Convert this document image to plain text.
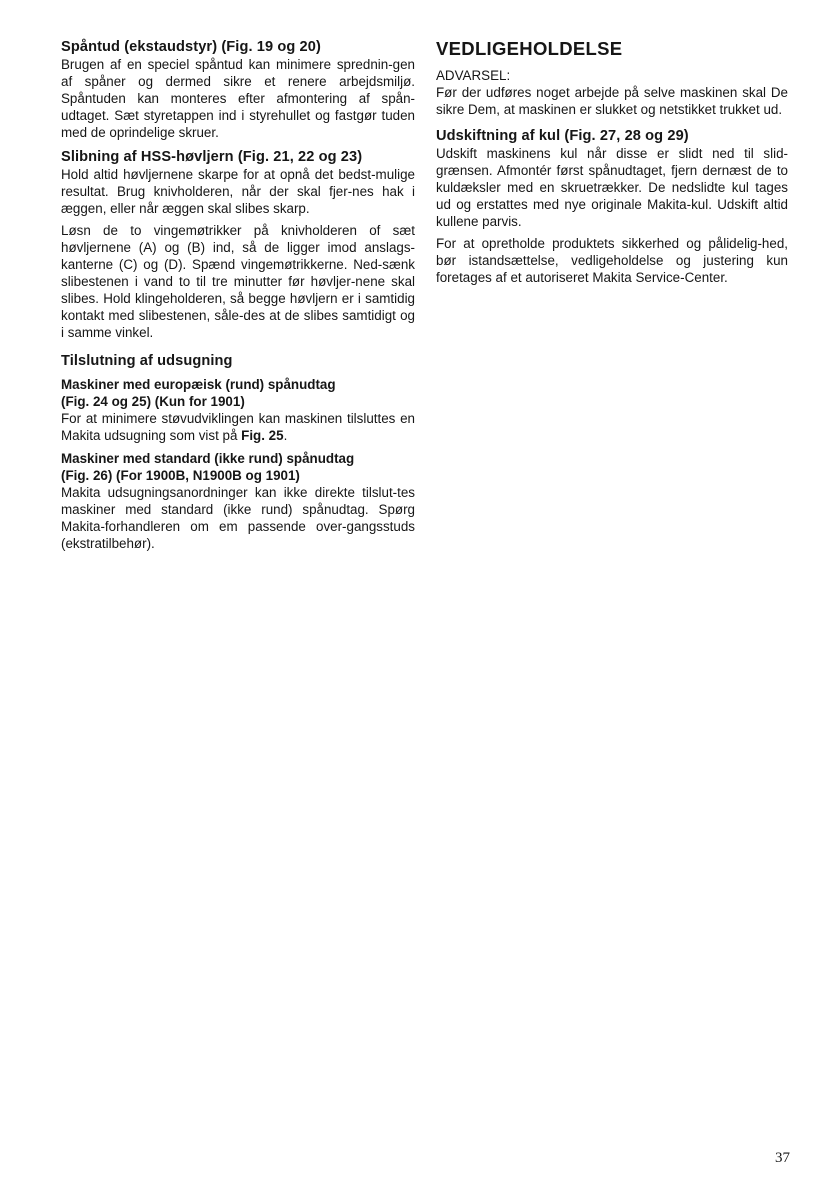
Spåntud (ekstaudstyr) (Fig. 19 og 20)

Brugen af en speciel spåntud kan minimere sprednin-gen af spåner og dermed sikre et renere arbejdsmiljø. Spåntuden kan monteres efter afmontering af spån-udtaget. Sæt styretappen ind i styrehullet og fastgør tuden med de oprindelige skruer.

Slibning af HSS-høvljern (Fig. 21, 22 og 23)

Hold altid høvljernene skarpe for at opnå det bedst-mulige resultat. Brug knivholderen, når der skal fjer-nes hak i æggen, eller når æggen skal slibes skarp.

Løsn de to vingemøtrikker på knivholderen of sæt høvljernene (A) og (B) ind, så de ligger imod anslags-kanterne (C) og (D). Spænd vingemøtrikkerne. Ned-sænk slibestenen i vand to til tre minutter før høvljer-nene skal slibes. Hold klingeholderen, så begge høvljern er i samtidig kontakt med slibestenen, såle-des at de slibes samtidigt og i samme vinkel.

Tilslutning af udsugning
Maskiner med europæisk (rund) spånudtag
(Fig. 24 og 25) (Kun for 1901)

For at minimere støvudviklingen kan maskinen tilsluttes en Makita udsugning som vist på Fig. 25.

Maskiner med standard (ikke rund) spånudtag
(Fig. 26) (For 1900B, N1900B og 1901)

Makita udsugningsanordninger kan ikke direkte tilslut-tes maskiner med standard (ikke rund) spånudtag. Spørg Makita-forhandleren om em passende over-gangsstuds (ekstratilbehør).

VEDLIGEHOLDELSE

ADVARSEL:

Før der udføres noget arbejde på selve maskinen skal De sikre Dem, at maskinen er slukket og netstikket trukket ud.

Udskiftning af kul (Fig. 27, 28 og 29)

Udskift maskinens kul når disse er slidt ned til slid-grænsen. Afmontér først spånudtaget, fjern dernæst de to kuldæksler med en skruetrækker. De nedslidte kul tages ud og erstattes med nye originale Makita-kul. Udskift altid kullene parvis.

For at opretholde produktets sikkerhed og pålidelig-hed, bør istandsættelse, vedligeholdelse og justering kun foretages af et autoriseret Makita Service-Center.

37
